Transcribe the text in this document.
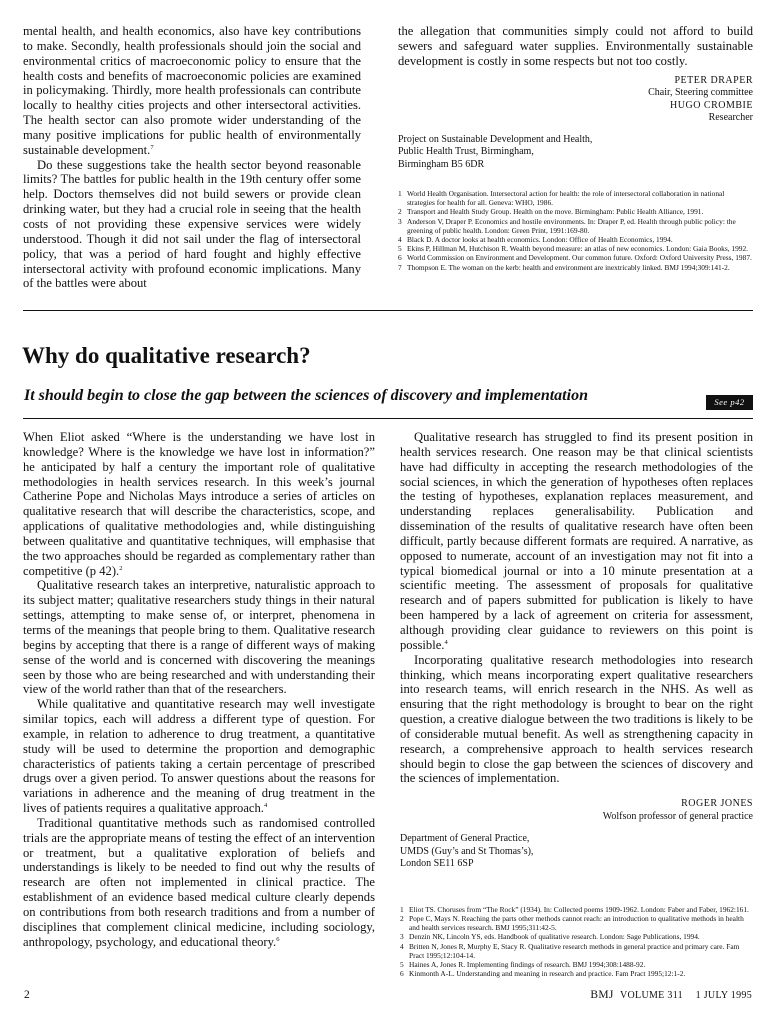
mental health, and health economics, also have key contributions to make. Secondly, health professionals should join the social and environmental critics of macroeconomic policy to ensure that the health costs and benefits of macroeconomic policies are examined in policymaking. Thirdly, more health professionals can contribute locally to healthy cities projects and other intersectoral activities. The health sector can also promote wider understanding of the many positive implications for public health of environmentally sustainable development.$^7$

Do these suggestions take the health sector beyond reasonable limits? The battles for public health in the 19th century offer some help. Doctors themselves did not build sewers or provide clean drinking water, but they had a crucial role in seeing that the health costs of not providing these expensive services were widely understood. Though it did not sail under the flag of intersectoral policy, that was a period of hard fought and highly effective intersectoral activity with profound economic implications. Many of the battles were about

the allegation that communities simply could not afford to build sewers and safeguard water supplies. Environmentally sustainable development is costly in some respects but not too costly.

PETER DRAPER
Chair, Steering committee
HUGO CROMBIE
Researcher
Project on Sustainable Development and Health,
Public Health Trust, Birmingham,
Birmingham B5 6DR
1 World Health Organisation. Intersectoral action for health: the role of intersectoral collaboration in national strategies for health for all. Geneva: WHO, 1986.
2 Transport and Health Study Group. Health on the move. Birmingham: Public Health Alliance, 1991.
3 Anderson V, Draper P. Economics and hostile environments. In: Draper P, ed. Health through public policy: the greening of public health. London: Green Print, 1991:169-80.
4 Black D. A doctor looks at health economics. London: Office of Health Economics, 1994.
5 Ekins P, Hillman M, Hutchison R. Wealth beyond measure: an atlas of new economics. London: Gaia Books, 1992.
6 World Commission on Environment and Development. Our common future. Oxford: Oxford University Press, 1987.
7 Thompson E. The woman on the kerb: health and environment are inextricably linked. BMJ 1994;309:141-2.
Why do qualitative research?
It should begin to close the gap between the sciences of discovery and implementation	See p42

When Eliot asked “Where is the understanding we have lost in knowledge? Where is the knowledge we have lost in information?” he anticipated by half a century the important role of qualitative methodologies in health services research. In this week’s journal Catherine Pope and Nicholas Mays introduce a series of articles on qualitative research that will describe the characteristics, scope, and applications of qualitative methodologies and, while distinguishing between qualitative and quantitative techniques, will emphasise that the two approaches should be regarded as complementary rather than competitive (p 42).$^2$

Qualitative research takes an interpretive, naturalistic approach to its subject matter; qualitative researchers study things in their natural settings, attempting to make sense of, or interpret, phenomena in terms of the meanings that people bring to them. Qualitative research begins by accepting that there is a range of different ways of making sense of the world and is concerned with discovering the meanings seen by those who are being researched and with understanding their view of the world rather than that of the researchers.

While qualitative and quantitative research may well investigate similar topics, each will address a different type of question. For example, in relation to adherence to drug treatment, a quantitative study will be used to determine the proportion and demographic characteristics of patients taking a certain percentage of prescribed drugs over a given period. To answer questions about the reasons for variations in adherence and the meaning of drug treatment in the lives of patients requires a qualitative approach.$^4$

Traditional quantitative methods such as randomised controlled trials are the appropriate means of testing the effect of an intervention or treatment, but a qualitative exploration of beliefs and understandings is likely to be needed to find out why the results of research are often not implemented in clinical practice. The establishment of an evidence based medical culture clearly depends on contributions from both research traditions and from a number of disciplines that complement clinical medicine, including sociology, anthropology, psychology, and educational theory.$^6$

Qualitative research has struggled to find its present position in health services research. One reason may be that clinical scientists have had difficulty in accepting the research methodologies of the social sciences, in which the generation of hypotheses often replaces the testing of hypotheses, explanation replaces measurement, and understanding replaces generalisability. Publication and dissemination of the results of qualitative research have often been difficult, partly because different formats are required. A narrative, as opposed to numerate, account of an investigation may not fit into a typical biomedical journal or into a 10 minute presentation at a scientific meeting. The assessment of proposals for qualitative research and of papers submitted for publication is likely to have been hampered by a lack of agreement on criteria for assessment, although providing clear guidance to reviewers on this point is possible.$^4$

Incorporating qualitative research methodologies into research thinking, which means incorporating expert qualitative researchers into research teams, will enrich research in the NHS. As well as ensuring that the right methodology is brought to bear on the right question, a creative dialogue between the two traditions is likely to be of considerable mutual benefit. As well as strengthening capacity in research, a comprehensive approach to health services research should begin to close the gap between the sciences of discovery and the sciences of implementation.

ROGER JONES
Wolfson professor of general practice
Department of General Practice,
UMDS (Guy’s and St Thomas’s),
London SE11 6SP
1 Eliot TS. Choruses from “The Rock” (1934). In: Collected poems 1909-1962. London: Faber and Faber, 1962:161.
2 Pope C, Mays N. Reaching the parts other methods cannot reach: an introduction to qualitative methods in health and health services research. BMJ 1995;311:42-5.
3 Denzin NK, Lincoln YS, eds. Handbook of qualitative research. London: Sage Publications, 1994.
4 Britten N, Jones R, Murphy E, Stacy R. Qualitative research methods in general practice and primary care. Fam Pract 1995;12:104-14.
5 Haines A, Jones R. Implementing findings of research. BMJ 1994;308:1488-92.
6 Kinmonth A-L. Understanding and meaning in research and practice. Fam Pract 1995;12:1-2.
2	BMJ VOLUME 311 1 JULY 1995
